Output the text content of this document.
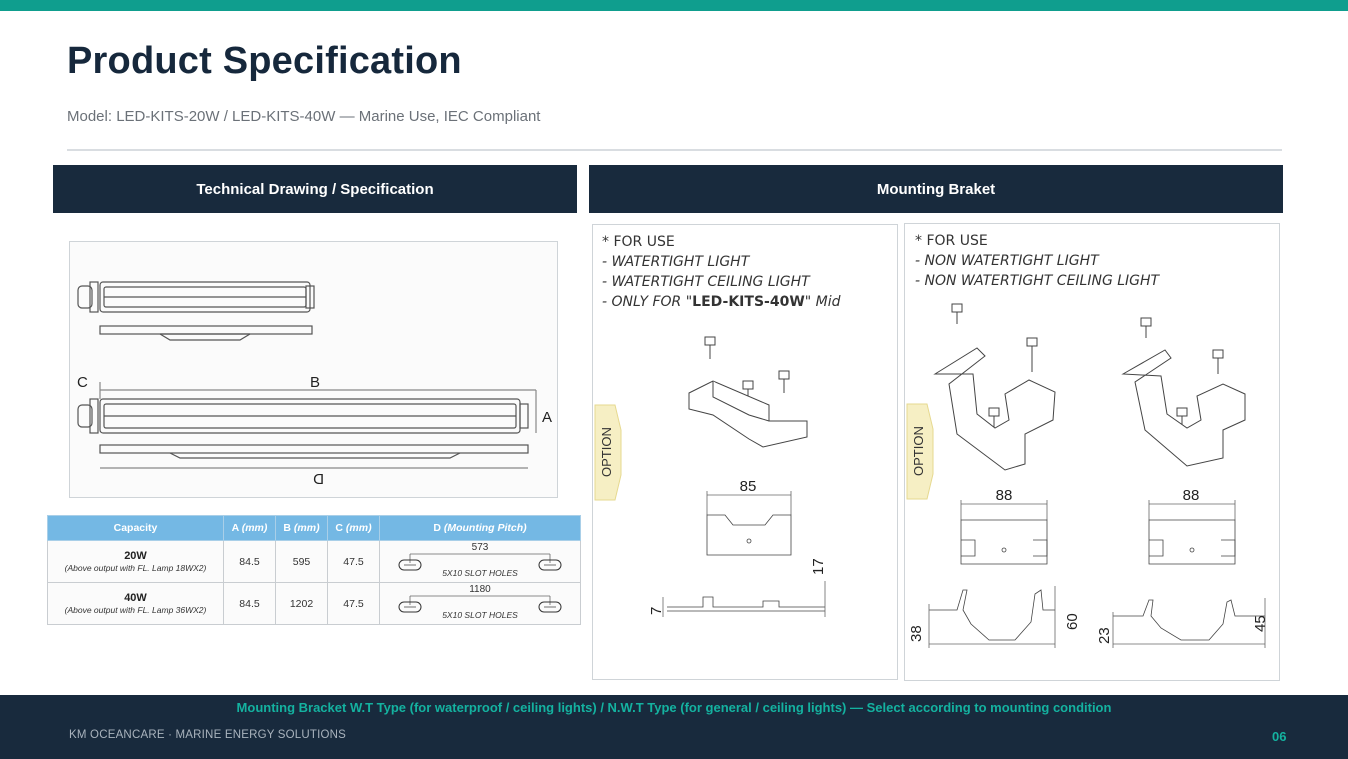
Product Specification
Model: LED-KITS-20W / LED-KITS-40W — Marine Use, IEC Compliant
Technical Drawing / Specification	Mounting Braket
C	B
A
D
Capacity	A (mm)	B (mm)	C (mm)	D (Mounting Pitch)

20W
(Above output with FL. Lamp 18WX2)	84.5	595	47.5	573
5X10 SLOT HOLES

40W
(Above output with FL. Lamp 36WX2)	84.5	1202	47.5	1180
5X10 SLOT HOLES
* FOR USE
- WATERTIGHT LIGHT
- WATERTIGHT CEILING LIGHT
- ONLY FOR "LED-KITS-40W" Mid
OPTION
85
17
7
* FOR USE
- NON WATERTIGHT LIGHT
- NON WATERTIGHT CEILING LIGHT
OPTION
88	88
38
60
23
45
Mounting Bracket W.T Type (for waterproof / ceiling lights) / N.W.T Type (for general / ceiling lights) — Select according to mounting condition
KM OCEANCARE · MARINE ENERGY SOLUTIONS	06
